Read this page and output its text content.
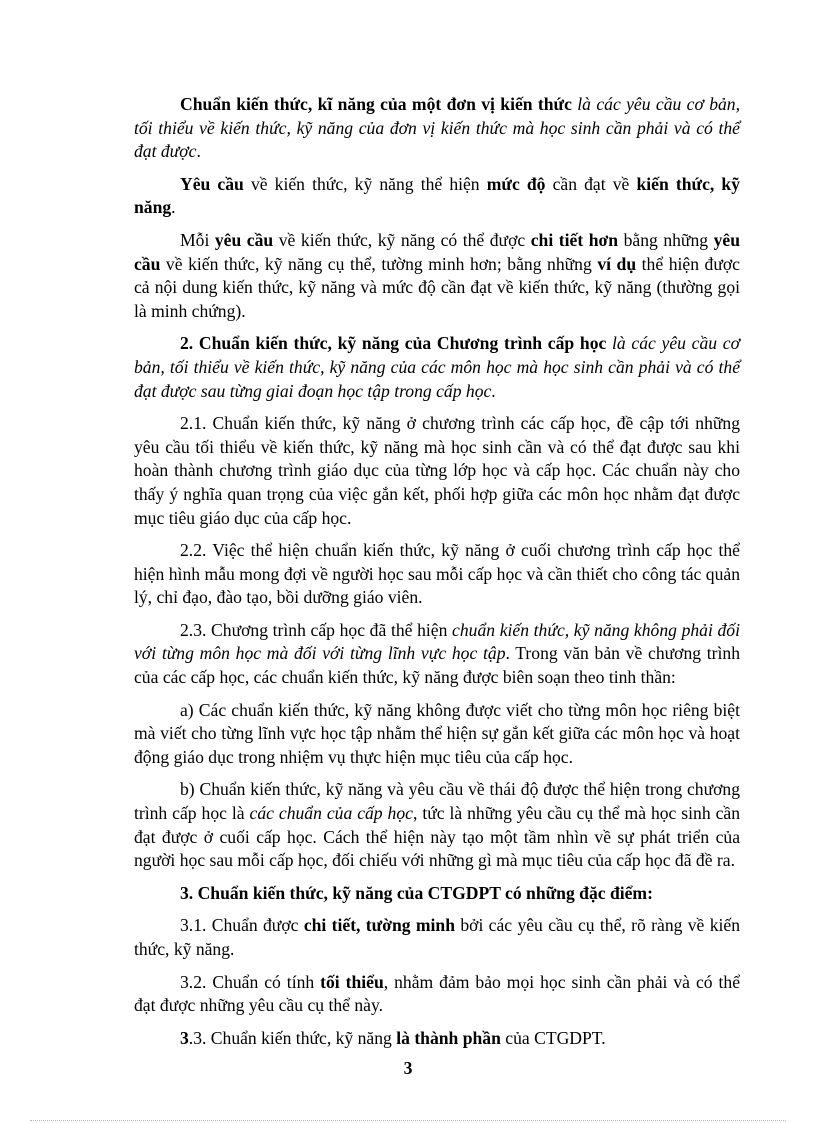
Chuẩn kiến thức, kĩ năng của một đơn vị kiến thức là các yêu cầu cơ bản, tối thiểu về kiến thức, kỹ năng của đơn vị kiến thức mà học sinh cần phải và có thể đạt được.

Yêu cầu về kiến thức, kỹ năng thể hiện mức độ cần đạt về kiến thức, kỹ năng.

Mỗi yêu cầu về kiến thức, kỹ năng có thể được chi tiết hơn bằng những yêu cầu về kiến thức, kỹ năng cụ thể, tường minh hơn; bằng những ví dụ thể hiện được cả nội dung kiến thức, kỹ năng và mức độ cần đạt về kiến thức, kỹ năng (thường gọi là minh chứng).

2. Chuẩn kiến thức, kỹ năng của Chương trình cấp học là các yêu cầu cơ bản, tối thiểu về kiến thức, kỹ năng của các môn học mà học sinh cần phải và có thể đạt được sau từng giai đoạn học tập trong cấp học.

2.1. Chuẩn kiến thức, kỹ năng ở chương trình các cấp học, đề cập tới những yêu cầu tối thiểu về kiến thức, kỹ năng mà học sinh cần và có thể đạt được sau khi hoàn thành chương trình giáo dục của từng lớp học và cấp học. Các chuẩn này cho thấy ý nghĩa quan trọng của việc gắn kết, phối hợp giữa các môn học nhằm đạt được mục tiêu giáo dục của cấp học.

2.2. Việc thể hiện chuẩn kiến thức, kỹ năng ở cuối chương trình cấp học thể hiện hình mẫu mong đợi về người học sau mỗi cấp học và cần thiết cho công tác quản lý, chỉ đạo, đào tạo, bồi dưỡng giáo viên.

2.3. Chương trình cấp học đã thể hiện chuẩn kiến thức, kỹ năng không phải đối với từng môn học mà đối với từng lĩnh vực học tập. Trong văn bản về chương trình của các cấp học, các chuẩn kiến thức, kỹ năng được biên soạn theo tinh thần:

a) Các chuẩn kiến thức, kỹ năng không được viết cho từng môn học riêng biệt mà viết cho từng lĩnh vực học tập nhằm thể hiện sự gắn kết giữa các môn học và hoạt động giáo dục trong nhiệm vụ thực hiện mục tiêu của cấp học.

b) Chuẩn kiến thức, kỹ năng và yêu cầu về thái độ được thể hiện trong chương trình cấp học là các chuẩn của cấp học, tức là những yêu cầu cụ thể mà học sinh cần đạt được ở cuối cấp học. Cách thể hiện này tạo một tầm nhìn về sự phát triển của người học sau mỗi cấp học, đối chiếu với những gì mà mục tiêu của cấp học đã đề ra.

3. Chuẩn kiến thức, kỹ năng của CTGDPT có những đặc điểm:

3.1. Chuẩn được chi tiết, tường minh bởi các yêu cầu cụ thể, rõ ràng về kiến thức, kỹ năng.

3.2. Chuẩn có tính tối thiểu, nhằm đảm bảo mọi học sinh cần phải và có thể đạt được những yêu cầu cụ thể này.

3.3. Chuẩn kiến thức, kỹ năng là thành phần của CTGDPT.

3
